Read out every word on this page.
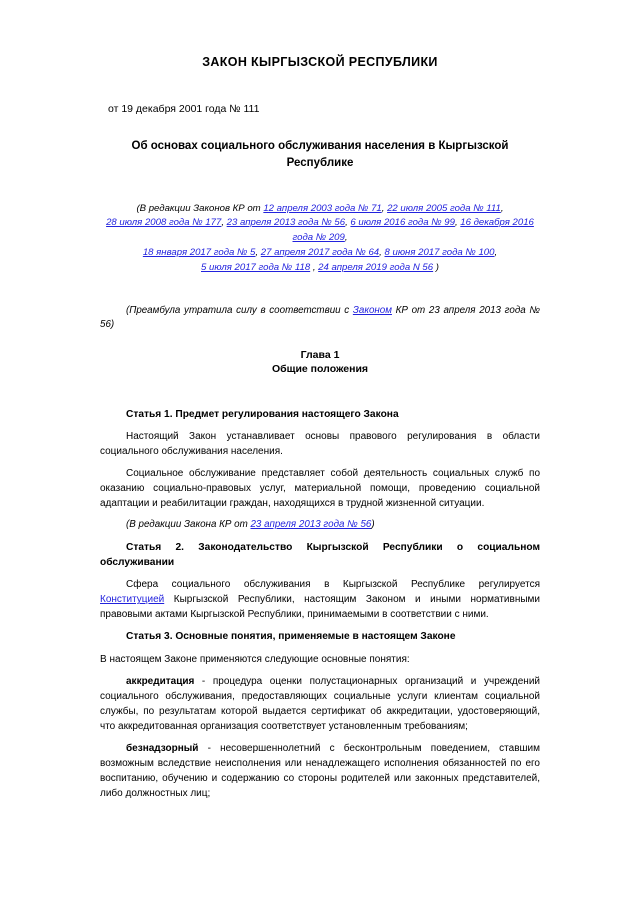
ЗАКОН КЫРГЫЗСКОЙ РЕСПУБЛИКИ
от 19 декабря 2001 года № 111
Об основах социального обслуживания населения в Кыргызской Республике
(В редакции Законов КР от 12 апреля 2003 года № 71, 22 июля 2005 года № 111,
28 июля 2008 года № 177, 23 апреля 2013 года № 56, 6 июля 2016 года № 99, 16 декабря 2016 года № 209,
18 января 2017 года № 5, 27 апреля 2017 года № 64, 8 июня 2017 года № 100,
5 июля 2017 года № 118 , 24 апреля 2019 года N 56 )

(Преамбула утратила силу в соответствии с Законом КР от 23 апреля 2013 года № 56)

Глава 1
Общие положения
Статья 1. Предмет регулирования настоящего Закона

Настоящий Закон устанавливает основы правового регулирования в области социального обслуживания населения.

Социальное обслуживание представляет собой деятельность социальных служб по оказанию социально-правовых услуг, материальной помощи, проведению социальной адаптации и реабилитации граждан, находящихся в трудной жизненной ситуации.

(В редакции Закона КР от 23 апреля 2013 года № 56)

Статья 2. Законодательство Кыргызской Республики о социальном обслуживании

Сфера социального обслуживания в Кыргызской Республике регулируется Конституцией Кыргызской Республики, настоящим Законом и иными нормативными правовыми актами Кыргызской Республики, принимаемыми в соответствии с ними.

Статья 3. Основные понятия, применяемые в настоящем Законе

В настоящем Законе применяются следующие основные понятия:

аккредитация - процедура оценки полустационарных организаций и учреждений социального обслуживания, предоставляющих социальные услуги клиентам социальной службы, по результатам которой выдается сертификат об аккредитации, удостоверяющий, что аккредитованная организация соответствует установленным требованиям;

безнадзорный - несовершеннолетний с бесконтрольным поведением, ставшим возможным вследствие неисполнения или ненадлежащего исполнения обязанностей по его воспитанию, обучению и содержанию со стороны родителей или законных представителей, либо должностных лиц;
